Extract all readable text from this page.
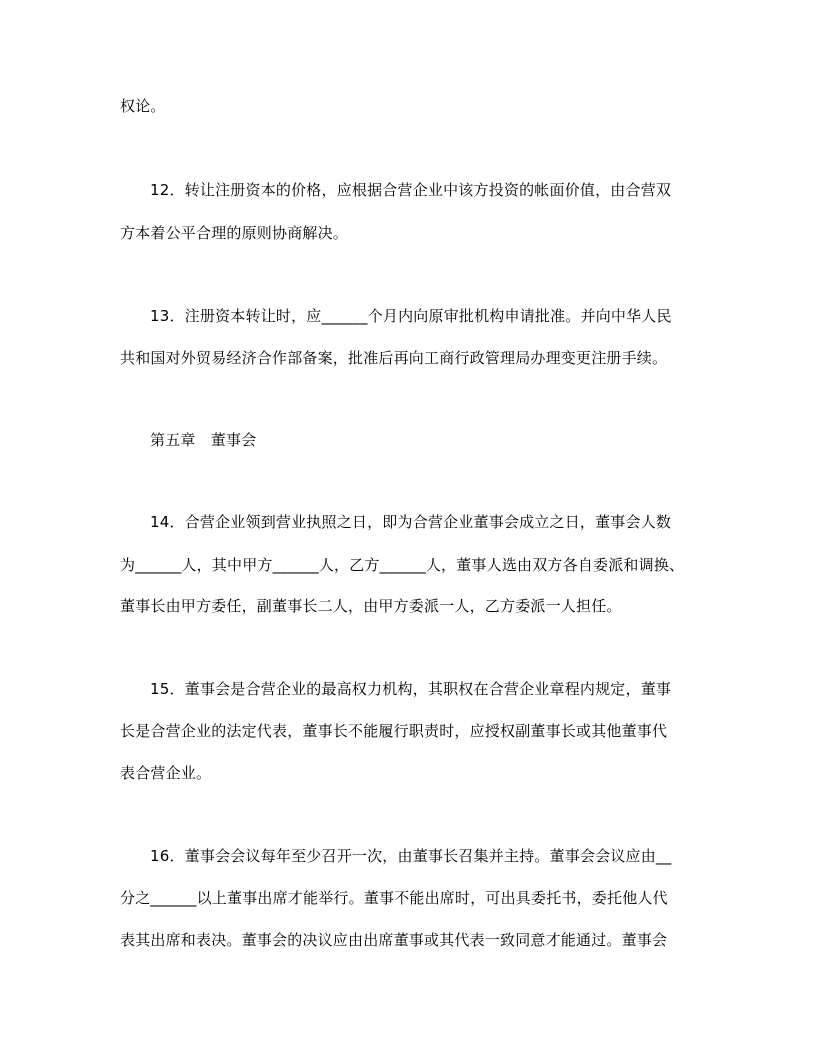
权论。
12．转让注册资本的价格，应根据合营企业中该方投资的帐面价值，由合营双
方本着公平合理的原则协商解决。
13．注册资本转让时，应______个月内向原审批机构申请批准。并向中华人民
共和国对外贸易经济合作部备案，批准后再向工商行政管理局办理变更注册手续。
第五章　董事会
14．合营企业领到营业执照之日，即为合营企业董事会成立之日，董事会人数
为______人，其中甲方______人，乙方______人，董事人选由双方各自委派和调换、
董事长由甲方委任，副董事长二人，由甲方委派一人，乙方委派一人担任。
15．董事会是合营企业的最高权力机构，其职权在合营企业章程内规定，董事
长是合营企业的法定代表，董事长不能履行职责时，应授权副董事长或其他董事代
表合营企业。
16．董事会会议每年至少召开一次，由董事长召集并主持。董事会会议应由__
分之______以上董事出席才能举行。董事不能出席时，可出具委托书，委托他人代
表其出席和表决。董事会的决议应由出席董事或其代表一致同意才能通过。董事会
